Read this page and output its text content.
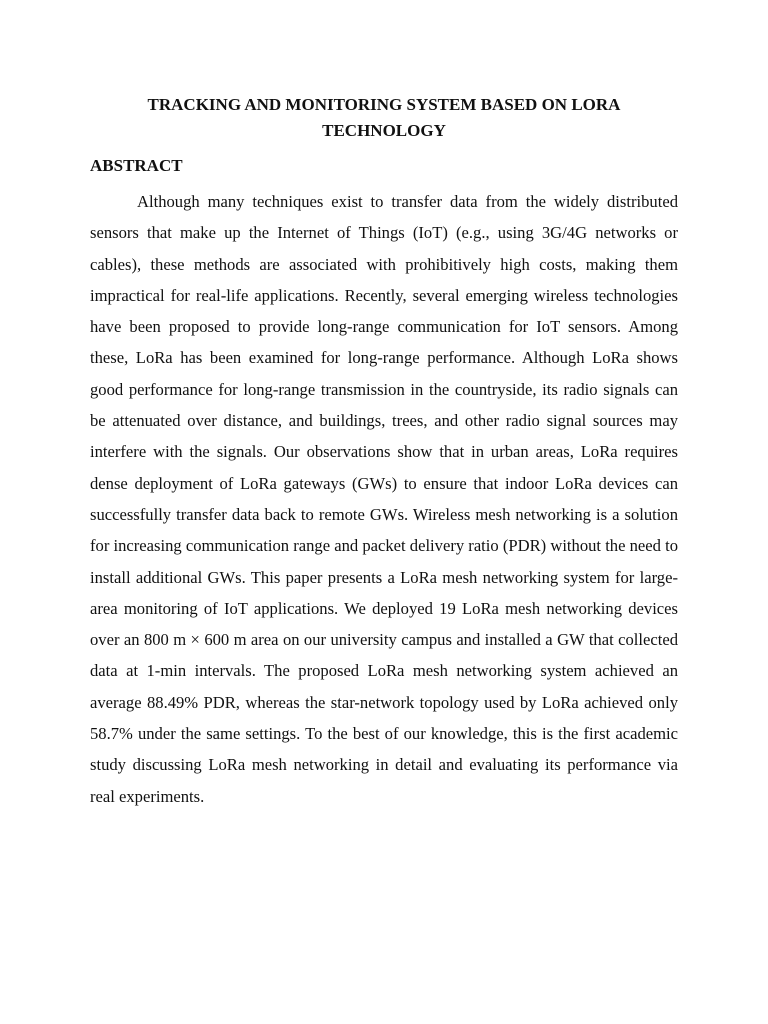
TRACKING AND MONITORING SYSTEM BASED ON LORA TECHNOLOGY
ABSTRACT

Although many techniques exist to transfer data from the widely distributed sensors that make up the Internet of Things (IoT) (e.g., using 3G/4G networks or cables), these methods are associated with prohibitively high costs, making them impractical for real-life applications. Recently, several emerging wireless technologies have been proposed to provide long-range communication for IoT sensors. Among these, LoRa has been examined for long-range performance. Although LoRa shows good performance for long-range transmission in the countryside, its radio signals can be attenuated over distance, and buildings, trees, and other radio signal sources may interfere with the signals. Our observations show that in urban areas, LoRa requires dense deployment of LoRa gateways (GWs) to ensure that indoor LoRa devices can successfully transfer data back to remote GWs. Wireless mesh networking is a solution for increasing communication range and packet delivery ratio (PDR) without the need to install additional GWs. This paper presents a LoRa mesh networking system for large-area monitoring of IoT applications. We deployed 19 LoRa mesh networking devices over an 800 m × 600 m area on our university campus and installed a GW that collected data at 1-min intervals. The proposed LoRa mesh networking system achieved an average 88.49% PDR, whereas the star-network topology used by LoRa achieved only 58.7% under the same settings. To the best of our knowledge, this is the first academic study discussing LoRa mesh networking in detail and evaluating its performance via real experiments.
